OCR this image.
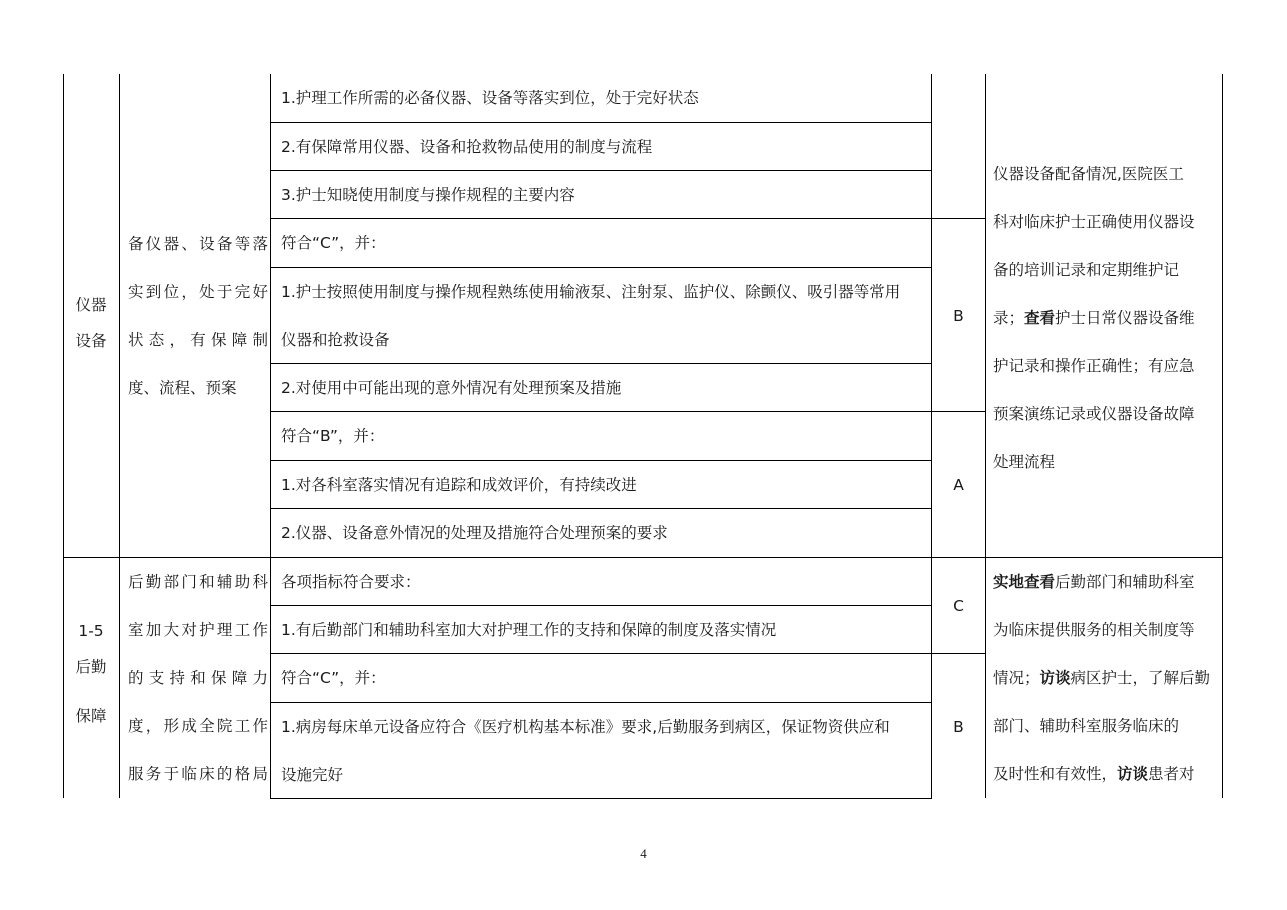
仪器
设备
备仪器、设备等落
实到位，处于完好
状态，有保障制
度、流程、预案
1.护理工作所需的必备仪器、设备等落实到位，处于完好状态
2.有保障常用仪器、设备和抢救物品使用的制度与流程
3.护士知晓使用制度与操作规程的主要内容
符合“C”，并：
1.护士按照使用制度与操作规程熟练使用输液泵、注射泵、监护仪、除颤仪、吸引器等常用
仪器和抢救设备
2.对使用中可能出现的意外情况有处理预案及措施
符合“B”，并：
1.对各科室落实情况有追踪和成效评价，有持续改进
2.仪器、设备意外情况的处理及措施符合处理预案的要求
B
A
仪器设备配备情况,医院医工
科对临床护士正确使用仪器设
备的培训记录和定期维护记
录；查看护士日常仪器设备维
护记录和操作正确性；有应急
预案演练记录或仪器设备故障
处理流程
1-5
后勤
保障
后勤部门和辅助科
室加大对护理工作
的支持和保障力
度，形成全院工作
服务于临床的格局
各项指标符合要求：
1.有后勤部门和辅助科室加大对护理工作的支持和保障的制度及落实情况
符合“C”，并：
1.病房每床单元设备应符合《医疗机构基本标准》要求,后勤服务到病区，保证物资供应和
设施完好
C
B
实地查看后勤部门和辅助科室
为临床提供服务的相关制度等
情况；访谈病区护士，了解后勤
部门、辅助科室服务临床的
及时性和有效性，访谈患者对
4
